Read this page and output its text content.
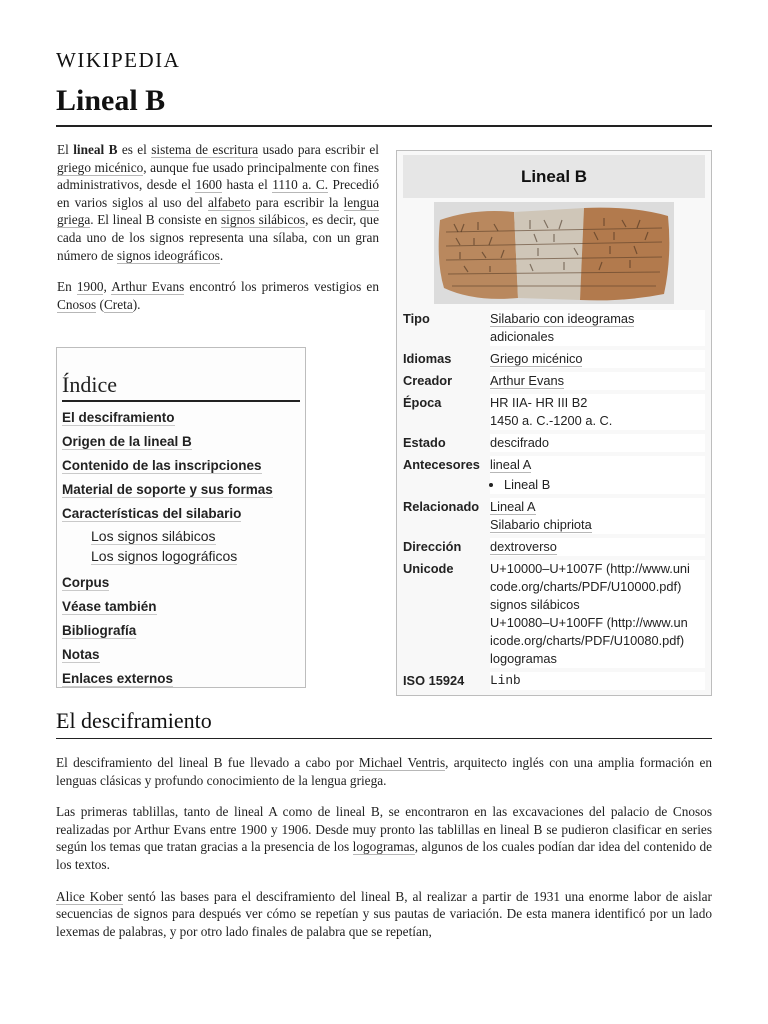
WIKIPEDIA
Lineal B

El lineal B es el sistema de escritura usado para escribir el griego micénico, aunque fue usado principalmente con fines administrativos, desde el 1600 hasta el 1110 a. C. Precedió en varios siglos al uso del alfabeto para escribir la lengua griega. El lineal B consiste en signos silábicos, es decir, que cada uno de los signos representa una sílaba, con un gran número de signos ideográficos.

En 1900, Arthur Evans encontró los primeros vestigios en Cnosos (Creta).

Índice
El desciframiento
Origen de la lineal B
Contenido de las inscripciones
Material de soporte y sus formas
Características del silabario
Los signos silábicos
Los signos logográficos
Corpus
Véase también
Bibliografía
Notas
Enlaces externos
Lineal B
Tipo	Silabario con ideogramas
adicionales
Idiomas	Griego micénico
Creador	Arthur Evans
Época	HR IIA- HR III B2
1450 a. C.-1200 a. C.
Estado	descifrado
Antecesores lineal A
• Lineal B
Relacionado Lineal A
Silabario chipriota
Dirección	dextroverso
Unicode	U+10000–U+1007F (http://www.uni
code.org/charts/PDF/U10000.pdf)
signos silábicos
U+10080–U+100FF (http://www.un
icode.org/charts/PDF/U10080.pdf)
logogramas
ISO 15924	Linb
El desciframiento

El desciframiento del lineal B fue llevado a cabo por Michael Ventris, arquitecto inglés con una amplia formación en lenguas clásicas y profundo conocimiento de la lengua griega.

Las primeras tablillas, tanto de lineal A como de lineal B, se encontraron en las excavaciones del palacio de Cnosos realizadas por Arthur Evans entre 1900 y 1906. Desde muy pronto las tablillas en lineal B se pudieron clasificar en series según los temas que tratan gracias a la presencia de los logogramas, algunos de los cuales podían dar idea del contenido de los textos.

Alice Kober sentó las bases para el desciframiento del lineal B, al realizar a partir de 1931 una enorme labor de aislar secuencias de signos para después ver cómo se repetían y sus pautas de variación. De esta manera identificó por un lado lexemas de palabras, y por otro lado finales de palabra que se repetían,
